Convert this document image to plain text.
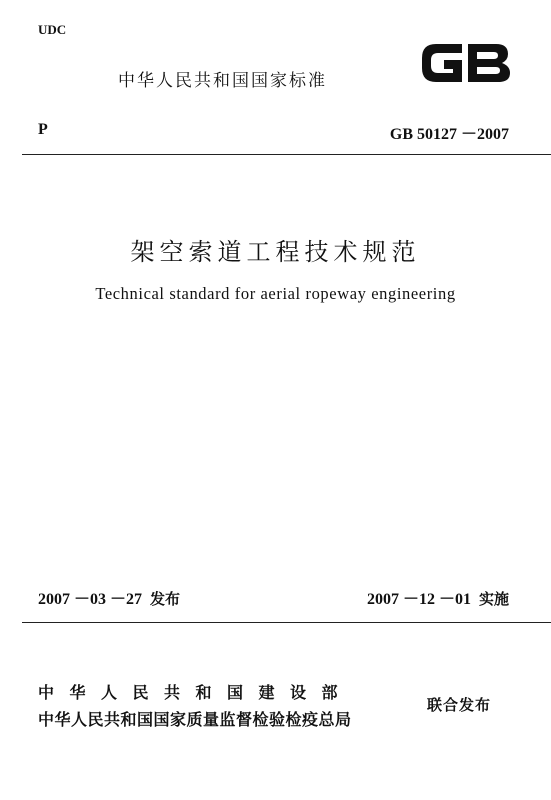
UDC
中华人民共和国国家标准
P	GB 50127 －2007
架空索道工程技术规范
Technical standard for aerial ropeway engineering
2007 －03 －27 发布	2007 －12 －01 实施
中华人民共和国建设部
中华人民共和国国家质量监督检验检疫总局
联合发布
